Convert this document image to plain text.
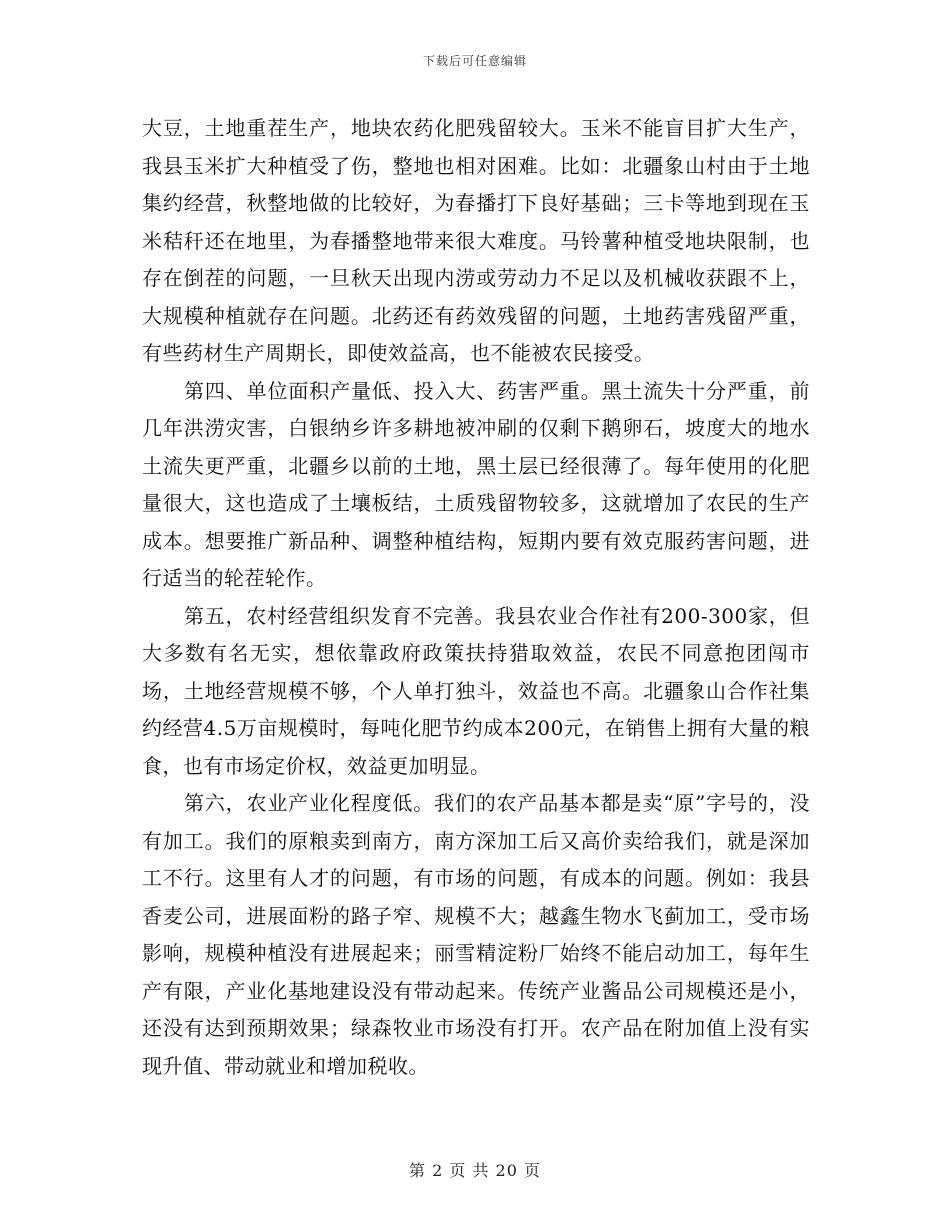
下载后可任意编辑

大豆，土地重茬生产，地块农药化肥残留较大。玉米不能盲目扩大生产，我县玉米扩大种植受了伤，整地也相对困难。比如：北疆象山村由于土地集约经营，秋整地做的比较好，为春播打下良好基础；三卡等地到现在玉米秸秆还在地里，为春播整地带来很大难度。马铃薯种植受地块限制，也存在倒茬的问题，一旦秋天出现内涝或劳动力不足以及机械收获跟不上，大规模种植就存在问题。北药还有药效残留的问题，土地药害残留严重，有些药材生产周期长，即使效益高，也不能被农民接受。

第四、单位面积产量低、投入大、药害严重。黑土流失十分严重，前几年洪涝灾害，白银纳乡许多耕地被冲刷的仅剩下鹅卵石，坡度大的地水土流失更严重，北疆乡以前的土地，黑土层已经很薄了。每年使用的化肥量很大，这也造成了土壤板结，土质残留物较多，这就增加了农民的生产成本。想要推广新品种、调整种植结构，短期内要有效克服药害问题，进行适当的轮茬轮作。

第五，农村经营组织发育不完善。我县农业合作社有200-300家，但大多数有名无实，想依靠政府政策扶持猎取效益，农民不同意抱团闯市场，土地经营规模不够，个人单打独斗，效益也不高。北疆象山合作社集约经营4.5万亩规模时，每吨化肥节约成本200元，在销售上拥有大量的粮食，也有市场定价权，效益更加明显。

第六，农业产业化程度低。我们的农产品基本都是卖“原”字号的，没有加工。我们的原粮卖到南方，南方深加工后又高价卖给我们，就是深加工不行。这里有人才的问题，有市场的问题，有成本的问题。例如：我县香麦公司，进展面粉的路子窄、规模不大；越鑫生物水飞蓟加工，受市场影响，规模种植没有进展起来；丽雪精淀粉厂始终不能启动加工，每年生产有限，产业化基地建设没有带动起来。传统产业酱品公司规模还是小，还没有达到预期效果；绿森牧业市场没有打开。农产品在附加值上没有实现升值、带动就业和增加税收。

第 2 页 共 20 页
